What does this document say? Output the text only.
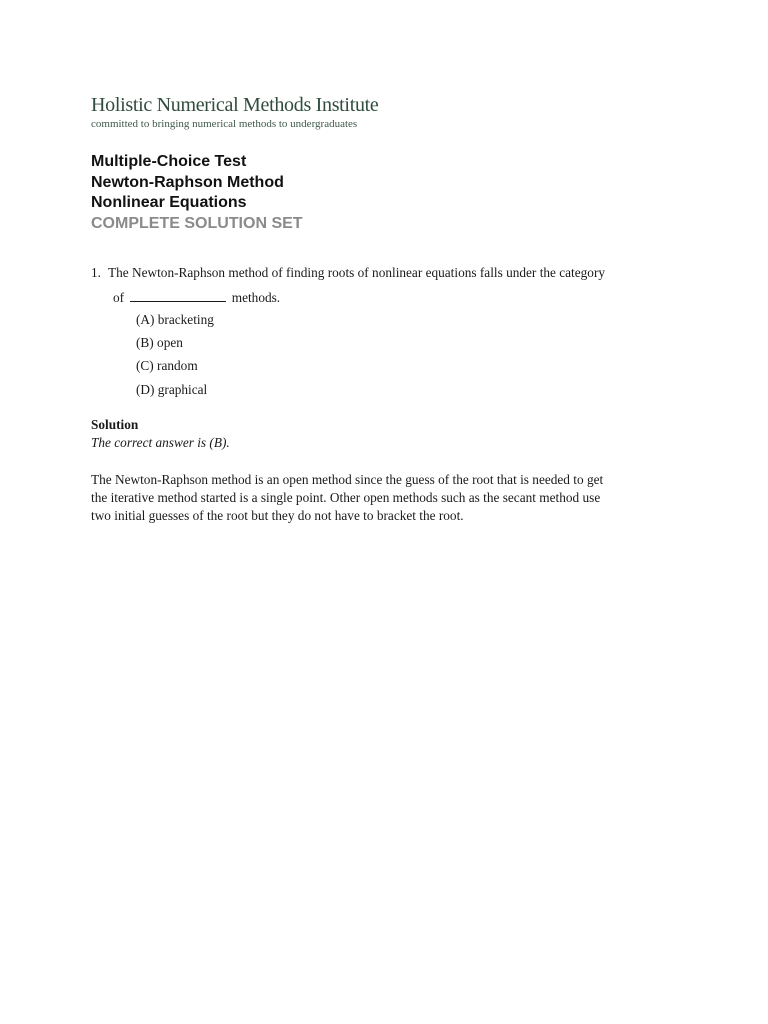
Holistic Numerical Methods Institute
committed to bringing numerical methods to undergraduates
Multiple-Choice Test
Newton-Raphson Method
Nonlinear Equations
COMPLETE SOLUTION SET
1. The Newton-Raphson method of finding roots of nonlinear equations falls under the category
of	methods.
(A) bracketing
(B) open
(C) random
(D) graphical
Solution
The correct answer is (B).
The Newton-Raphson method is an open method since the guess of the root that is needed to get
the iterative method started is a single point. Other open methods such as the secant method use
two initial guesses of the root but they do not have to bracket the root.
